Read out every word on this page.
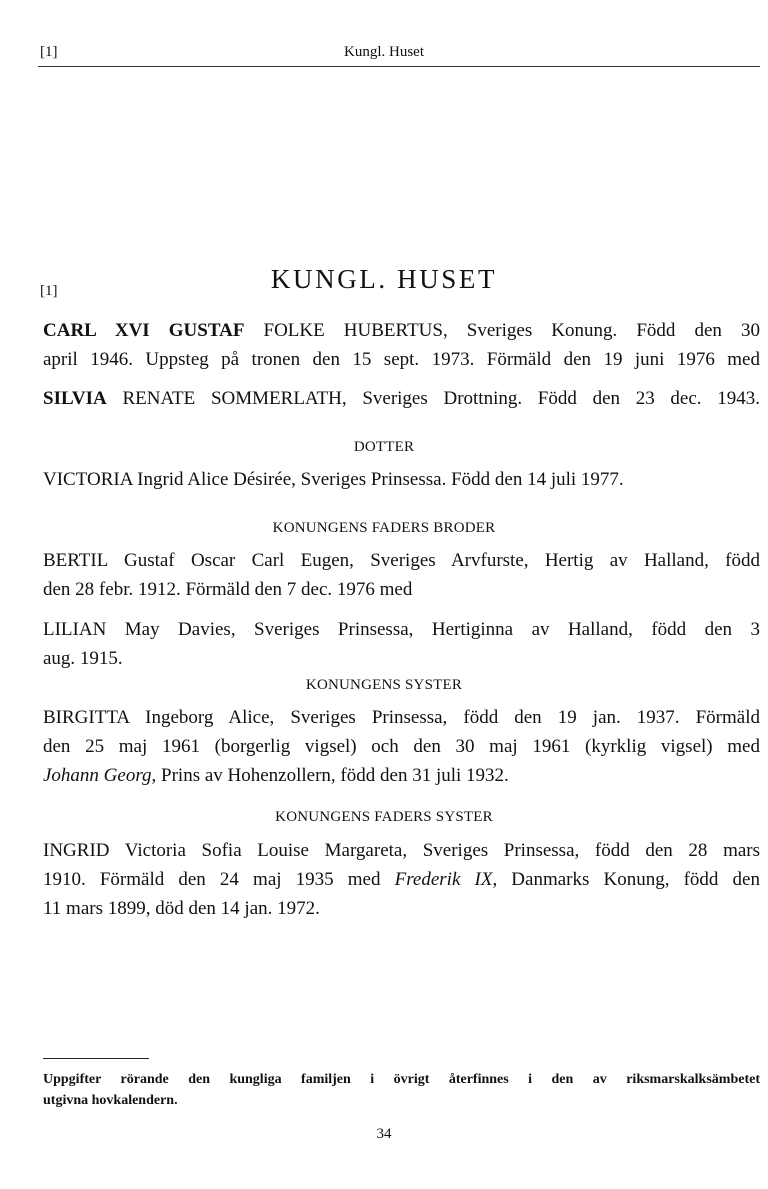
[1]	Kungl. Huset
[1]	KUNGL. HUSET
CARL XVI GUSTAF FOLKE HUBERTUS, Sveriges Konung. Född den 30
april 1946. Uppsteg på tronen den 15 sept. 1973. Förmäld den 19 juni 1976 med
SILVIA RENATE SOMMERLATH, Sveriges Drottning. Född den 23 dec. 1943.
DOTTER
VICTORIA Ingrid Alice Désirée, Sveriges Prinsessa. Född den 14 juli 1977.
KONUNGENS FADERS BRODER
BERTIL Gustaf Oscar Carl Eugen, Sveriges Arvfurste, Hertig av Halland, född
den 28 febr. 1912. Förmäld den 7 dec. 1976 med
LILIAN May Davies, Sveriges Prinsessa, Hertiginna av Halland, född den 3
aug. 1915.
KONUNGENS SYSTER
BIRGITTA Ingeborg Alice, Sveriges Prinsessa, född den 19 jan. 1937. Förmäld
den 25 maj 1961 (borgerlig vigsel) och den 30 maj 1961 (kyrklig vigsel) med
Johann Georg, Prins av Hohenzollern, född den 31 juli 1932.
KONUNGENS FADERS SYSTER
INGRID Victoria Sofia Louise Margareta, Sveriges Prinsessa, född den 28 mars
1910. Förmäld den 24 maj 1935 med Frederik IX, Danmarks Konung, född den
11 mars 1899, död den 14 jan. 1972.
Uppgifter rörande den kungliga familjen i övrigt återfinnes i den av riksmarskalksämbetet
utgivna hovkalendern.
34
